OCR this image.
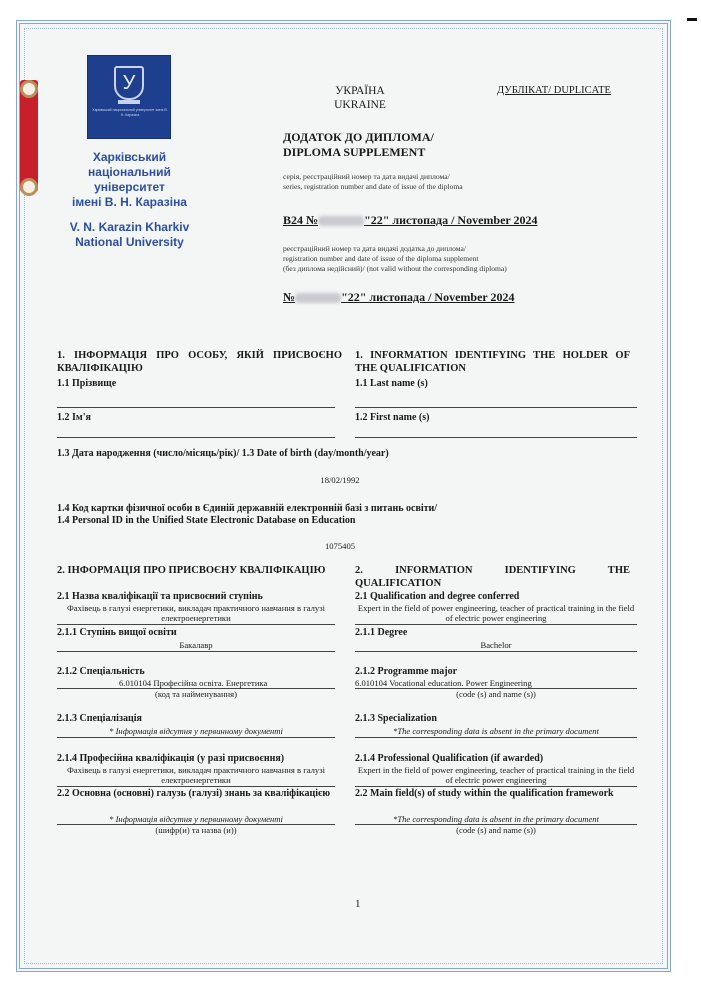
У
Харківський національний університет імені В. Н. Каразіна
Харківський
національний
університет
імені В. Н. Каразіна
V. N. Karazin Kharkiv
National University
УКРАЇНА
UKRAINE
ДУБЛІКАТ/ DUPLICATE
ДОДАТОК ДО ДИПЛОМА/
DIPLOMA SUPPLEMENT
серія, реєстраційний номер та дата видачі диплома/
series, registration number and date of issue of the diploma
B24 №	"22" листопада / November 2024
реєстраційний номер та дата видачі додатка до диплома/
registration number and date of issue of the diploma supplement
(без диплома недійсний)/ (not valid without the corresponding diploma)
№	"22" листопада / November 2024
1. ІНФОРМАЦІЯ ПРО ОСОБУ, ЯКІЙ ПРИСВОЄНО КВАЛІФІКАЦІЮ
1. INFORMATION IDENTIFYING THE HOLDER OF THE QUALIFICATION
1.1 Прізвище	1.1 Last name (s)
1.2 Ім'я	1.2 First name (s)
1.3 Дата народження (число/місяць/рік)/ 1.3 Date of birth (day/month/year)
18/02/1992
1.4 Код картки фізичної особи в Єдиній державній електронній базі з питань освіти/
1.4 Personal ID in the Unified State Electronic Database on Education
1075405
2. ІНФОРМАЦІЯ ПРО ПРИСВОЄНУ КВАЛІФІКАЦІЮ	2. INFORMATION IDENTIFYING THE QUALIFICATION
2.1 Назва кваліфікації та присвоєний ступінь
Фахівець в галузі енергетики, викладач практичного навчання в галузі електроенергетики
2.1 Qualification and degree conferred
Expert in the field of power engineering, teacher of practical training in the field of electric power engineering
2.1.1 Ступінь вищої освіти
Бакалавр
2.1.1 Degree
Bachelor
2.1.2 Спеціальність
6.010104 Професійна освіта. Енергетика
(код та найменування)
2.1.2 Programme major
6.010104 Vocational education. Power Engineering
(code (s) and name (s))
2.1.3 Спеціалізація
* Інформація відсутня у первинному документі
2.1.3 Specialization
*The corresponding data is absent in the primary document
2.1.4 Професійна кваліфікація (у разі присвоєння)
Фахівець в галузі енергетики, викладач практичного навчання в галузі електроенергетики
2.1.4 Professional Qualification (if awarded)
Expert in the field of power engineering, teacher of practical training in the field of electric power engineering
2.2 Основна (основні) галузь (галузі) знань за кваліфікацією
* Інформація відсутня у первинному документі
(шифр(и) та назва (и))
2.2 Main field(s) of study within the qualification framework
*The corresponding data is absent in the primary document
(code (s) and name (s))
1
